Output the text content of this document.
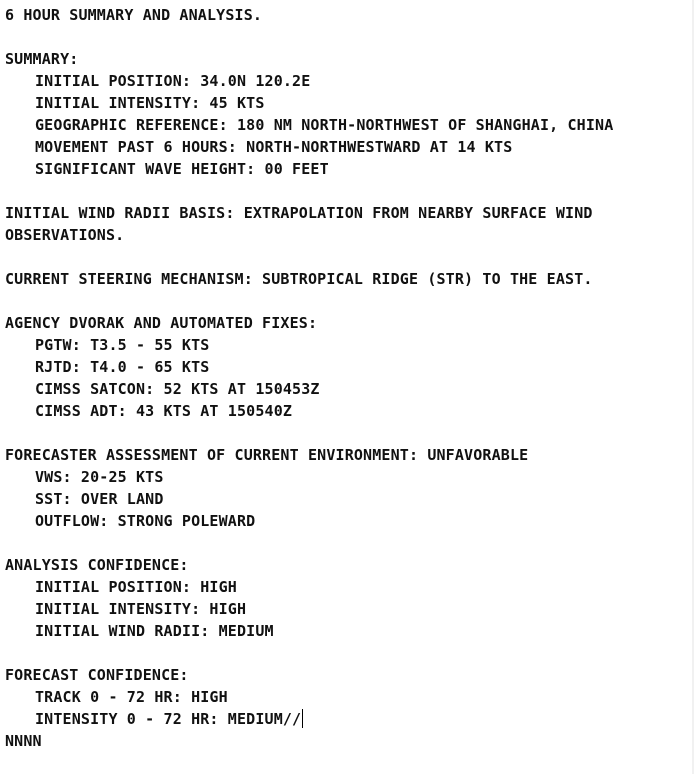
6 HOUR SUMMARY AND ANALYSIS.
SUMMARY:
INITIAL POSITION: 34.0N 120.2E
INITIAL INTENSITY: 45 KTS
GEOGRAPHIC REFERENCE: 180 NM NORTH-NORTHWEST OF SHANGHAI, CHINA
MOVEMENT PAST 6 HOURS: NORTH-NORTHWESTWARD AT 14 KTS
SIGNIFICANT WAVE HEIGHT: 00 FEET
INITIAL WIND RADII BASIS: EXTRAPOLATION FROM NEARBY SURFACE WIND
OBSERVATIONS.
CURRENT STEERING MECHANISM: SUBTROPICAL RIDGE (STR) TO THE EAST.
AGENCY DVORAK AND AUTOMATED FIXES:
PGTW: T3.5 - 55 KTS
RJTD: T4.0 - 65 KTS
CIMSS SATCON: 52 KTS AT 150453Z
CIMSS ADT: 43 KTS AT 150540Z
FORECASTER ASSESSMENT OF CURRENT ENVIRONMENT: UNFAVORABLE
VWS: 20-25 KTS
SST: OVER LAND
OUTFLOW: STRONG POLEWARD
ANALYSIS CONFIDENCE:
INITIAL POSITION: HIGH
INITIAL INTENSITY: HIGH
INITIAL WIND RADII: MEDIUM
FORECAST CONFIDENCE:
TRACK 0 - 72 HR: HIGH
INTENSITY 0 - 72 HR: MEDIUM//
NNNN
